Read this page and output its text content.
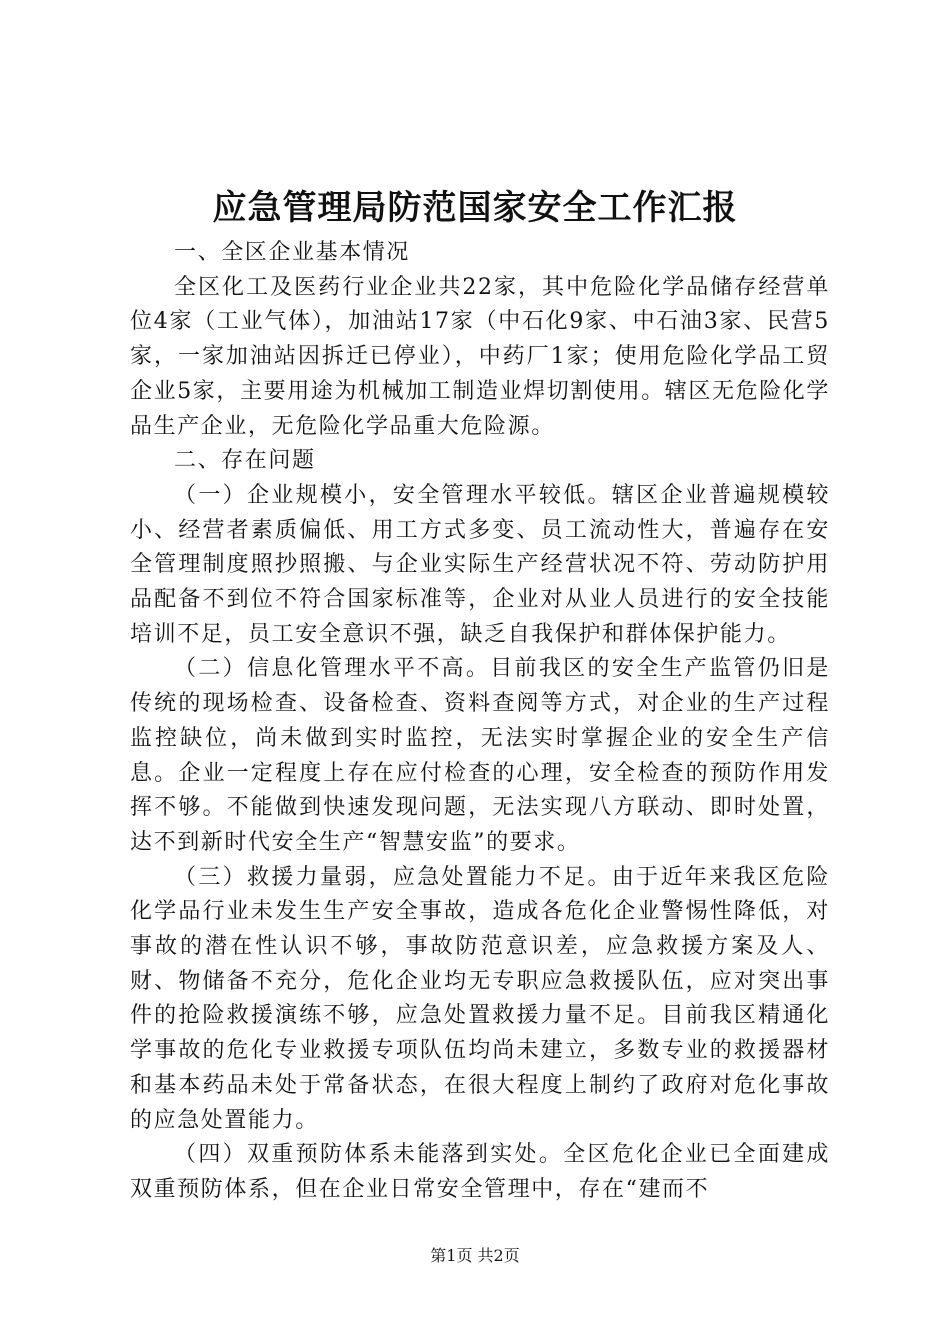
应急管理局防范国家安全工作汇报

一、全区企业基本情况

全区化工及医药行业企业共22家，其中危险化学品储存经营单位4家（工业气体），加油站17家（中石化9家、中石油3家、民营5家，一家加油站因拆迁已停业），中药厂1家；使用危险化学品工贸企业5家，主要用途为机械加工制造业焊切割使用。辖区无危险化学品生产企业，无危险化学品重大危险源。

二、存在问题

（一）企业规模小，安全管理水平较低。辖区企业普遍规模较小、经营者素质偏低、用工方式多变、员工流动性大，普遍存在安全管理制度照抄照搬、与企业实际生产经营状况不符、劳动防护用品配备不到位不符合国家标准等，企业对从业人员进行的安全技能培训不足，员工安全意识不强，缺乏自我保护和群体保护能力。

（二）信息化管理水平不高。目前我区的安全生产监管仍旧是传统的现场检查、设备检查、资料查阅等方式，对企业的生产过程监控缺位，尚未做到实时监控，无法实时掌握企业的安全生产信息。企业一定程度上存在应付检查的心理，安全检查的预防作用发挥不够。不能做到快速发现问题，无法实现八方联动、即时处置，达不到新时代安全生产“智慧安监”的要求。

（三）救援力量弱，应急处置能力不足。由于近年来我区危险化学品行业未发生生产安全事故，造成各危化企业警惕性降低，对事故的潜在性认识不够，事故防范意识差，应急救援方案及人、财、物储备不充分，危化企业均无专职应急救援队伍，应对突出事件的抢险救援演练不够，应急处置救援力量不足。目前我区精通化学事故的危化专业救援专项队伍均尚未建立，多数专业的救援器材和基本药品未处于常备状态，在很大程度上制约了政府对危化事故的应急处置能力。

（四）双重预防体系未能落到实处。全区危化企业已全面建成双重预防体系，但在企业日常安全管理中，存在“建而不

第1页 共2页
